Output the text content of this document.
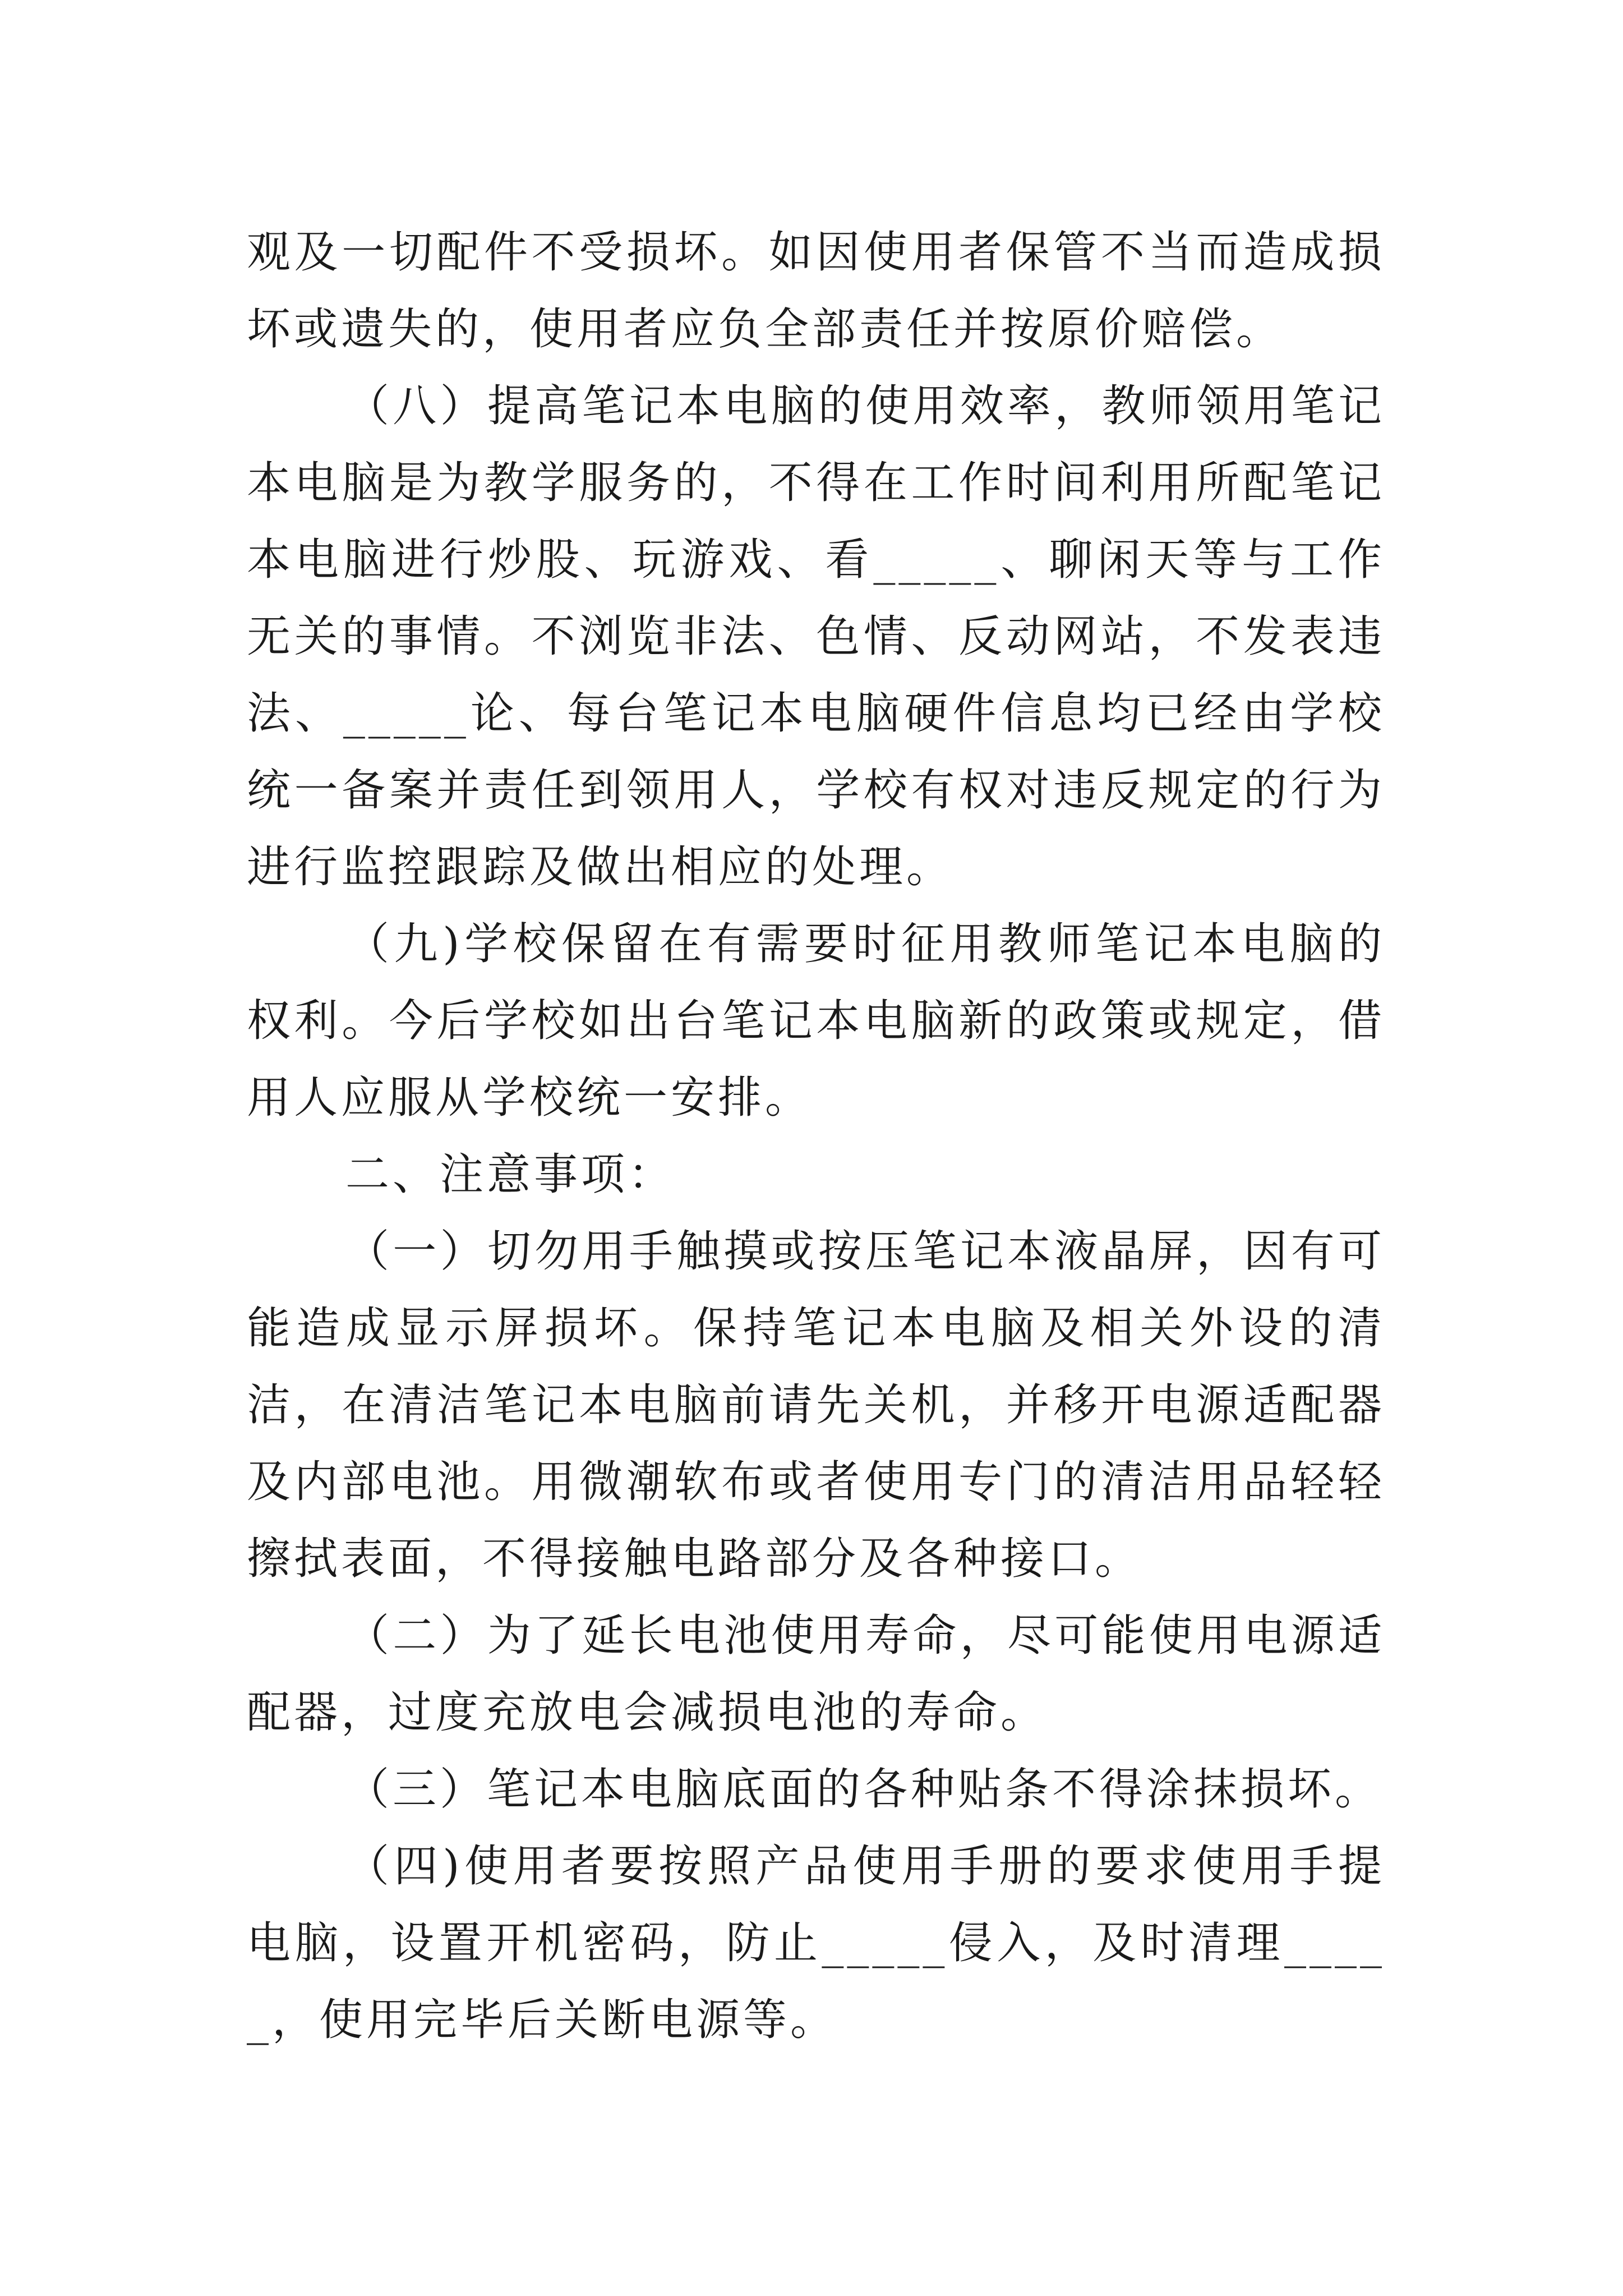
观及一切配件不受损坏。如因使用者保管不当而造成损坏或遗失的，使用者应负全部责任并按原价赔偿。

（八）提高笔记本电脑的使用效率，教师领用笔记本电脑是为教学服务的，不得在工作时间利用所配笔记本电脑进行炒股、玩游戏、看_____、聊闲天等与工作无关的事情。不浏览非法、色情、反动网站，不发表违法、_____论、每台笔记本电脑硬件信息均已经由学校统一备案并责任到领用人，学校有权对违反规定的行为进行监控跟踪及做出相应的处理。

（九)学校保留在有需要时征用教师笔记本电脑的权利。今后学校如出台笔记本电脑新的政策或规定，借用人应服从学校统一安排。

二、注意事项：

（一）切勿用手触摸或按压笔记本液晶屏，因有可能造成显示屏损坏。保持笔记本电脑及相关外设的清洁，在清洁笔记本电脑前请先关机，并移开电源适配器及内部电池。用微潮软布或者使用专门的清洁用品轻轻擦拭表面，不得接触电路部分及各种接口。

（二）为了延长电池使用寿命，尽可能使用电源适配器，过度充放电会减损电池的寿命。

（三）笔记本电脑底面的各种贴条不得涂抹损坏。

（四)使用者要按照产品使用手册的要求使用手提电脑，设置开机密码，防止_____侵入，及时清理_____，使用完毕后关断电源等。
